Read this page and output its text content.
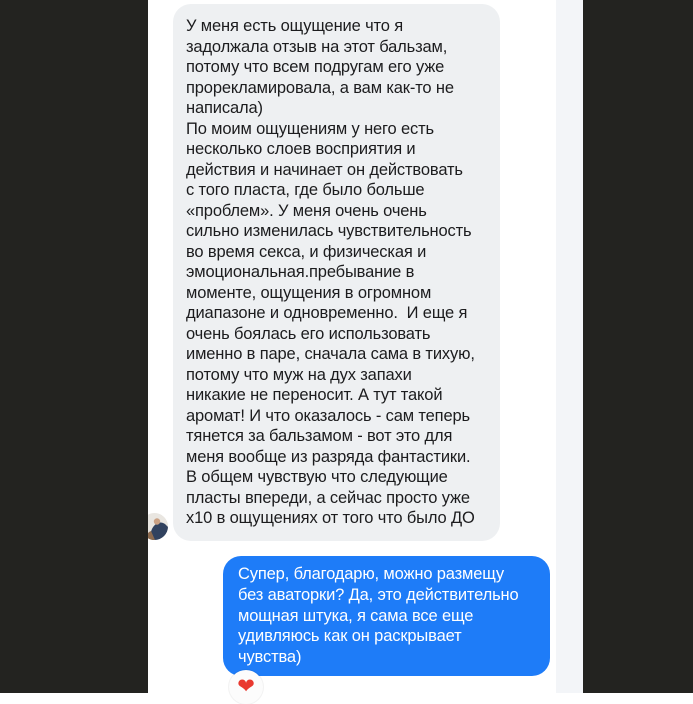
У меня есть ощущение что я
задолжала отзыв на этот бальзам,
потому что всем подругам его уже
прорекламировала, а вам как-то не
написала)
По моим ощущениям у него есть
несколько слоев восприятия и
действия и начинает он действовать
с того пласта, где было больше
«проблем». У меня очень очень
сильно изменилась чувствительность
во время секса, и физическая и
эмоциональная.пребывание в
моменте, ощущения в огромном
диапазоне и одновременно.  И еще я
очень боялась его использовать
именно в паре, сначала сама в тихую,
потому что муж на дух запахи
никакие не переносит. А тут такой
аромат! И что оказалось - сам теперь
тянется за бальзамом - вот это для
меня вообще из разряда фантастики.
В общем чувствую что следующие
пласты впереди, а сейчас просто уже
х10 в ощущениях от того что было ДО
Супер, благодарю, можно размещу
без аваторки? Да, это действительно
мощная штука, я сама все еще
удивляюсь как он раскрывает
чувства)
❤
